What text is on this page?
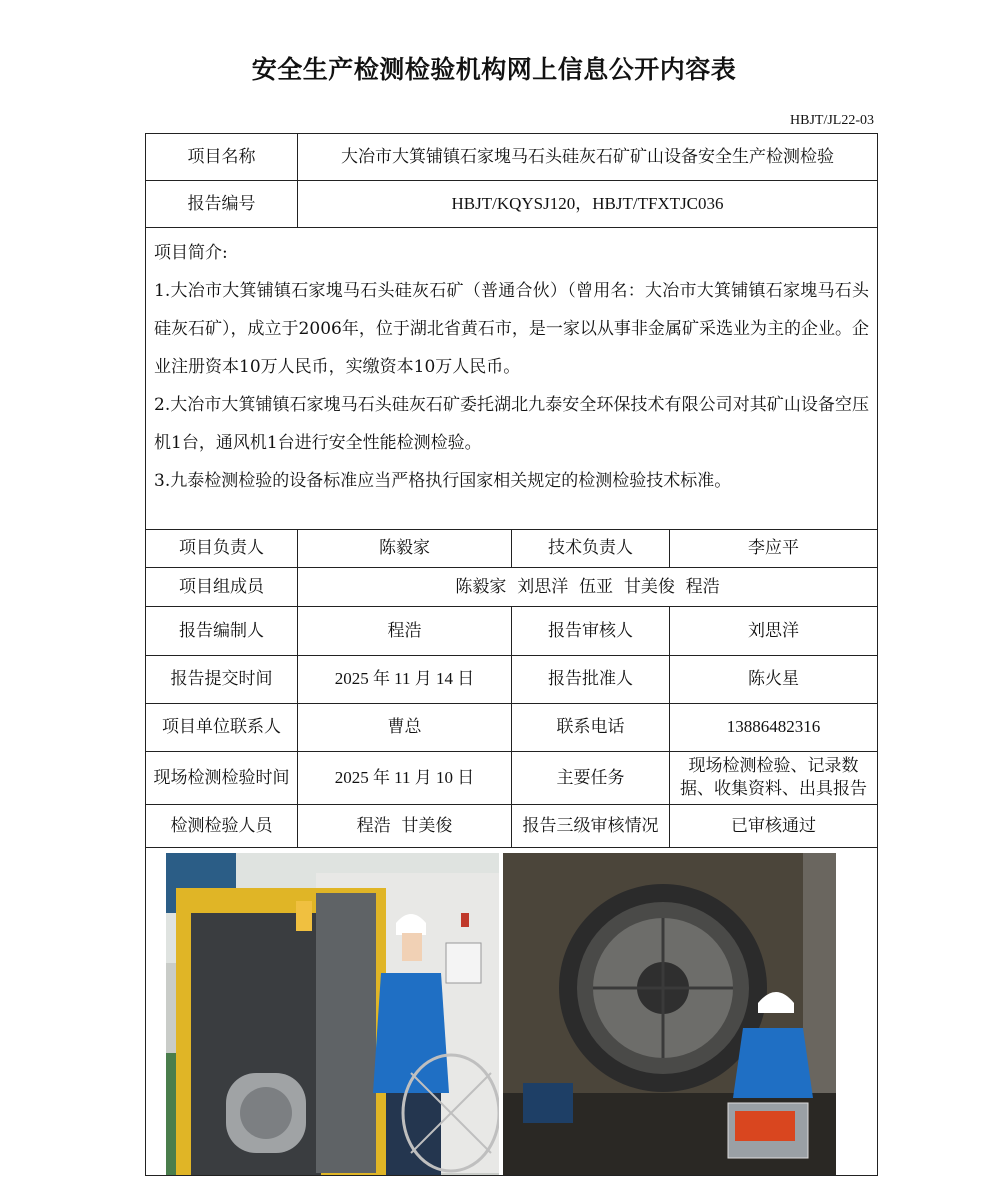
安全生产检测检验机构网上信息公开内容表
HBJT/JL22-03
项目名称	大冶市大箕铺镇石家塊马石头硅灰石矿矿山设备安全生产检测检验		
报告编号	HBJT/KQYSJ120，HBJT/TFXTJC036		

项目简介:

1.大冶市大箕铺镇石家塊马石头硅灰石矿（普通合伙）（曾用名：大冶市大箕铺镇石家塊马石头硅灰石矿），成立于2006年，位于湖北省黄石市，是一家以从事非金属矿采选业为主的企业。企业注册资本10万人民币，实缴资本10万人民币。

2.大冶市大箕铺镇石家塊马石头硅灰石矿委托湖北九泰安全环保技术有限公司对其矿山设备空压机1台，通风机1台进行安全性能检测检验。

3.九泰检测检验的设备标准应当严格执行国家相关规定的检测检验技术标准。			

项目负责人	陈毅家	技术负责人	李应平
项目组成员	陈毅家  刘思洋  伍亚  甘美俊  程浩		
报告编制人	程浩	报告审核人	刘思洋
报告提交时间	2025 年 11 月 14 日	报告批准人	陈火星
项目单位联系人	曹总	联系电话	13886482316
现场检测检验时间	2025 年 11 月 10 日	主要任务	现场检测检验、记录数据、收集资料、出具报告
检测检验人员	程浩  甘美俊	报告三级审核情况	已审核通过
